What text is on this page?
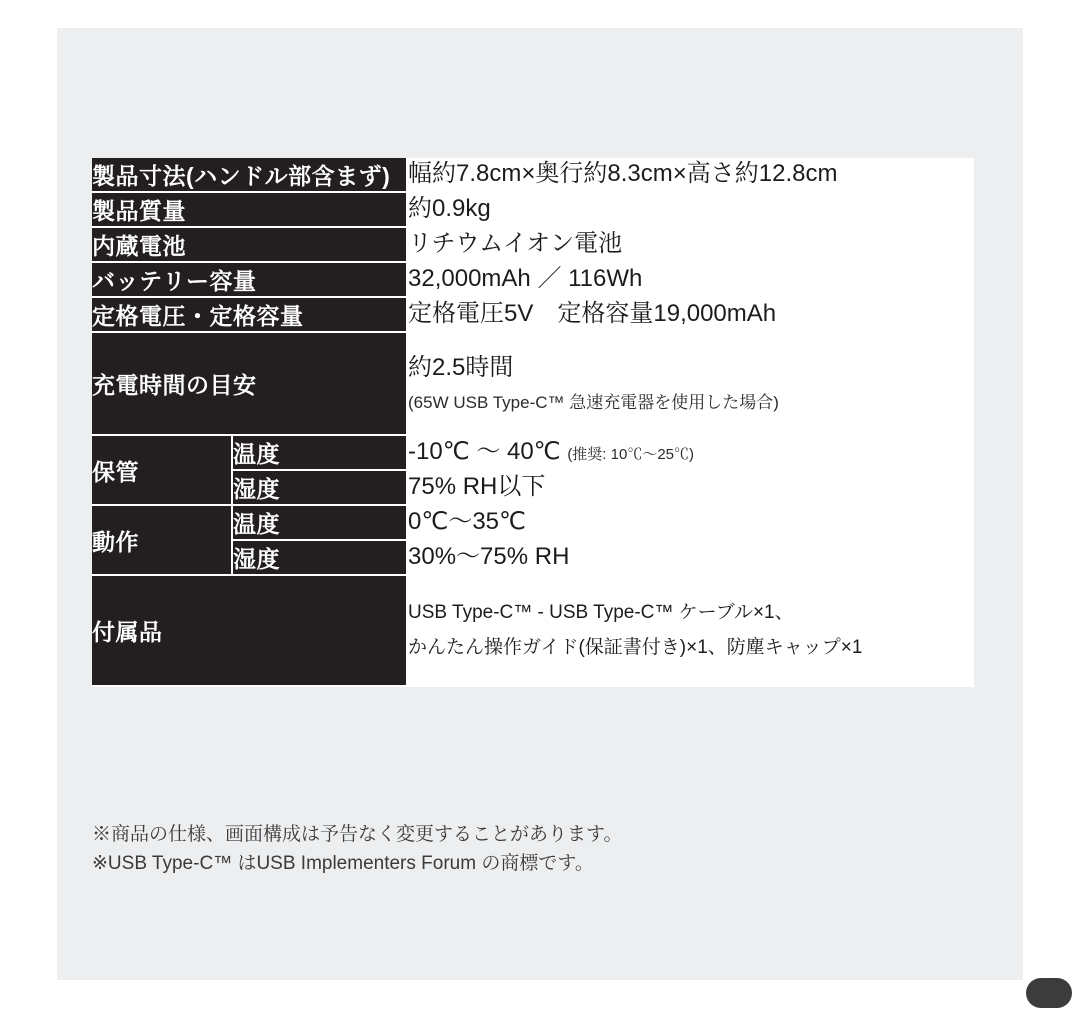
製品寸法(ハンドル部含まず)		幅約7.8cm×奥行約8.3cm×高さ約12.8cm
製品質量		約0.9kg
内蔵電池		リチウムイオン電池
バッテリー容量		32,000mAh ／ 116Wh
定格電圧・定格容量		定格電圧5V　定格容量19,000mAh
充電時間の目安		約2.5時間
(65W USB Type-C™ 急速充電器を使用した場合)

保管	温度	-10℃ ～ 40℃ (推奨: 10℃～25℃)
	湿度	75% RH以下
動作	温度	0℃～35℃
	湿度	30%～75% RH
付属品		USB Type-C™ - USB Type-C™ ケーブル×1、
かんたん操作ガイド(保証書付き)×1、防塵キャップ×1
※商品の仕様、画面構成は予告なく変更することがあります。
※USB Type-C™ はUSB Implementers Forum の商標です。
